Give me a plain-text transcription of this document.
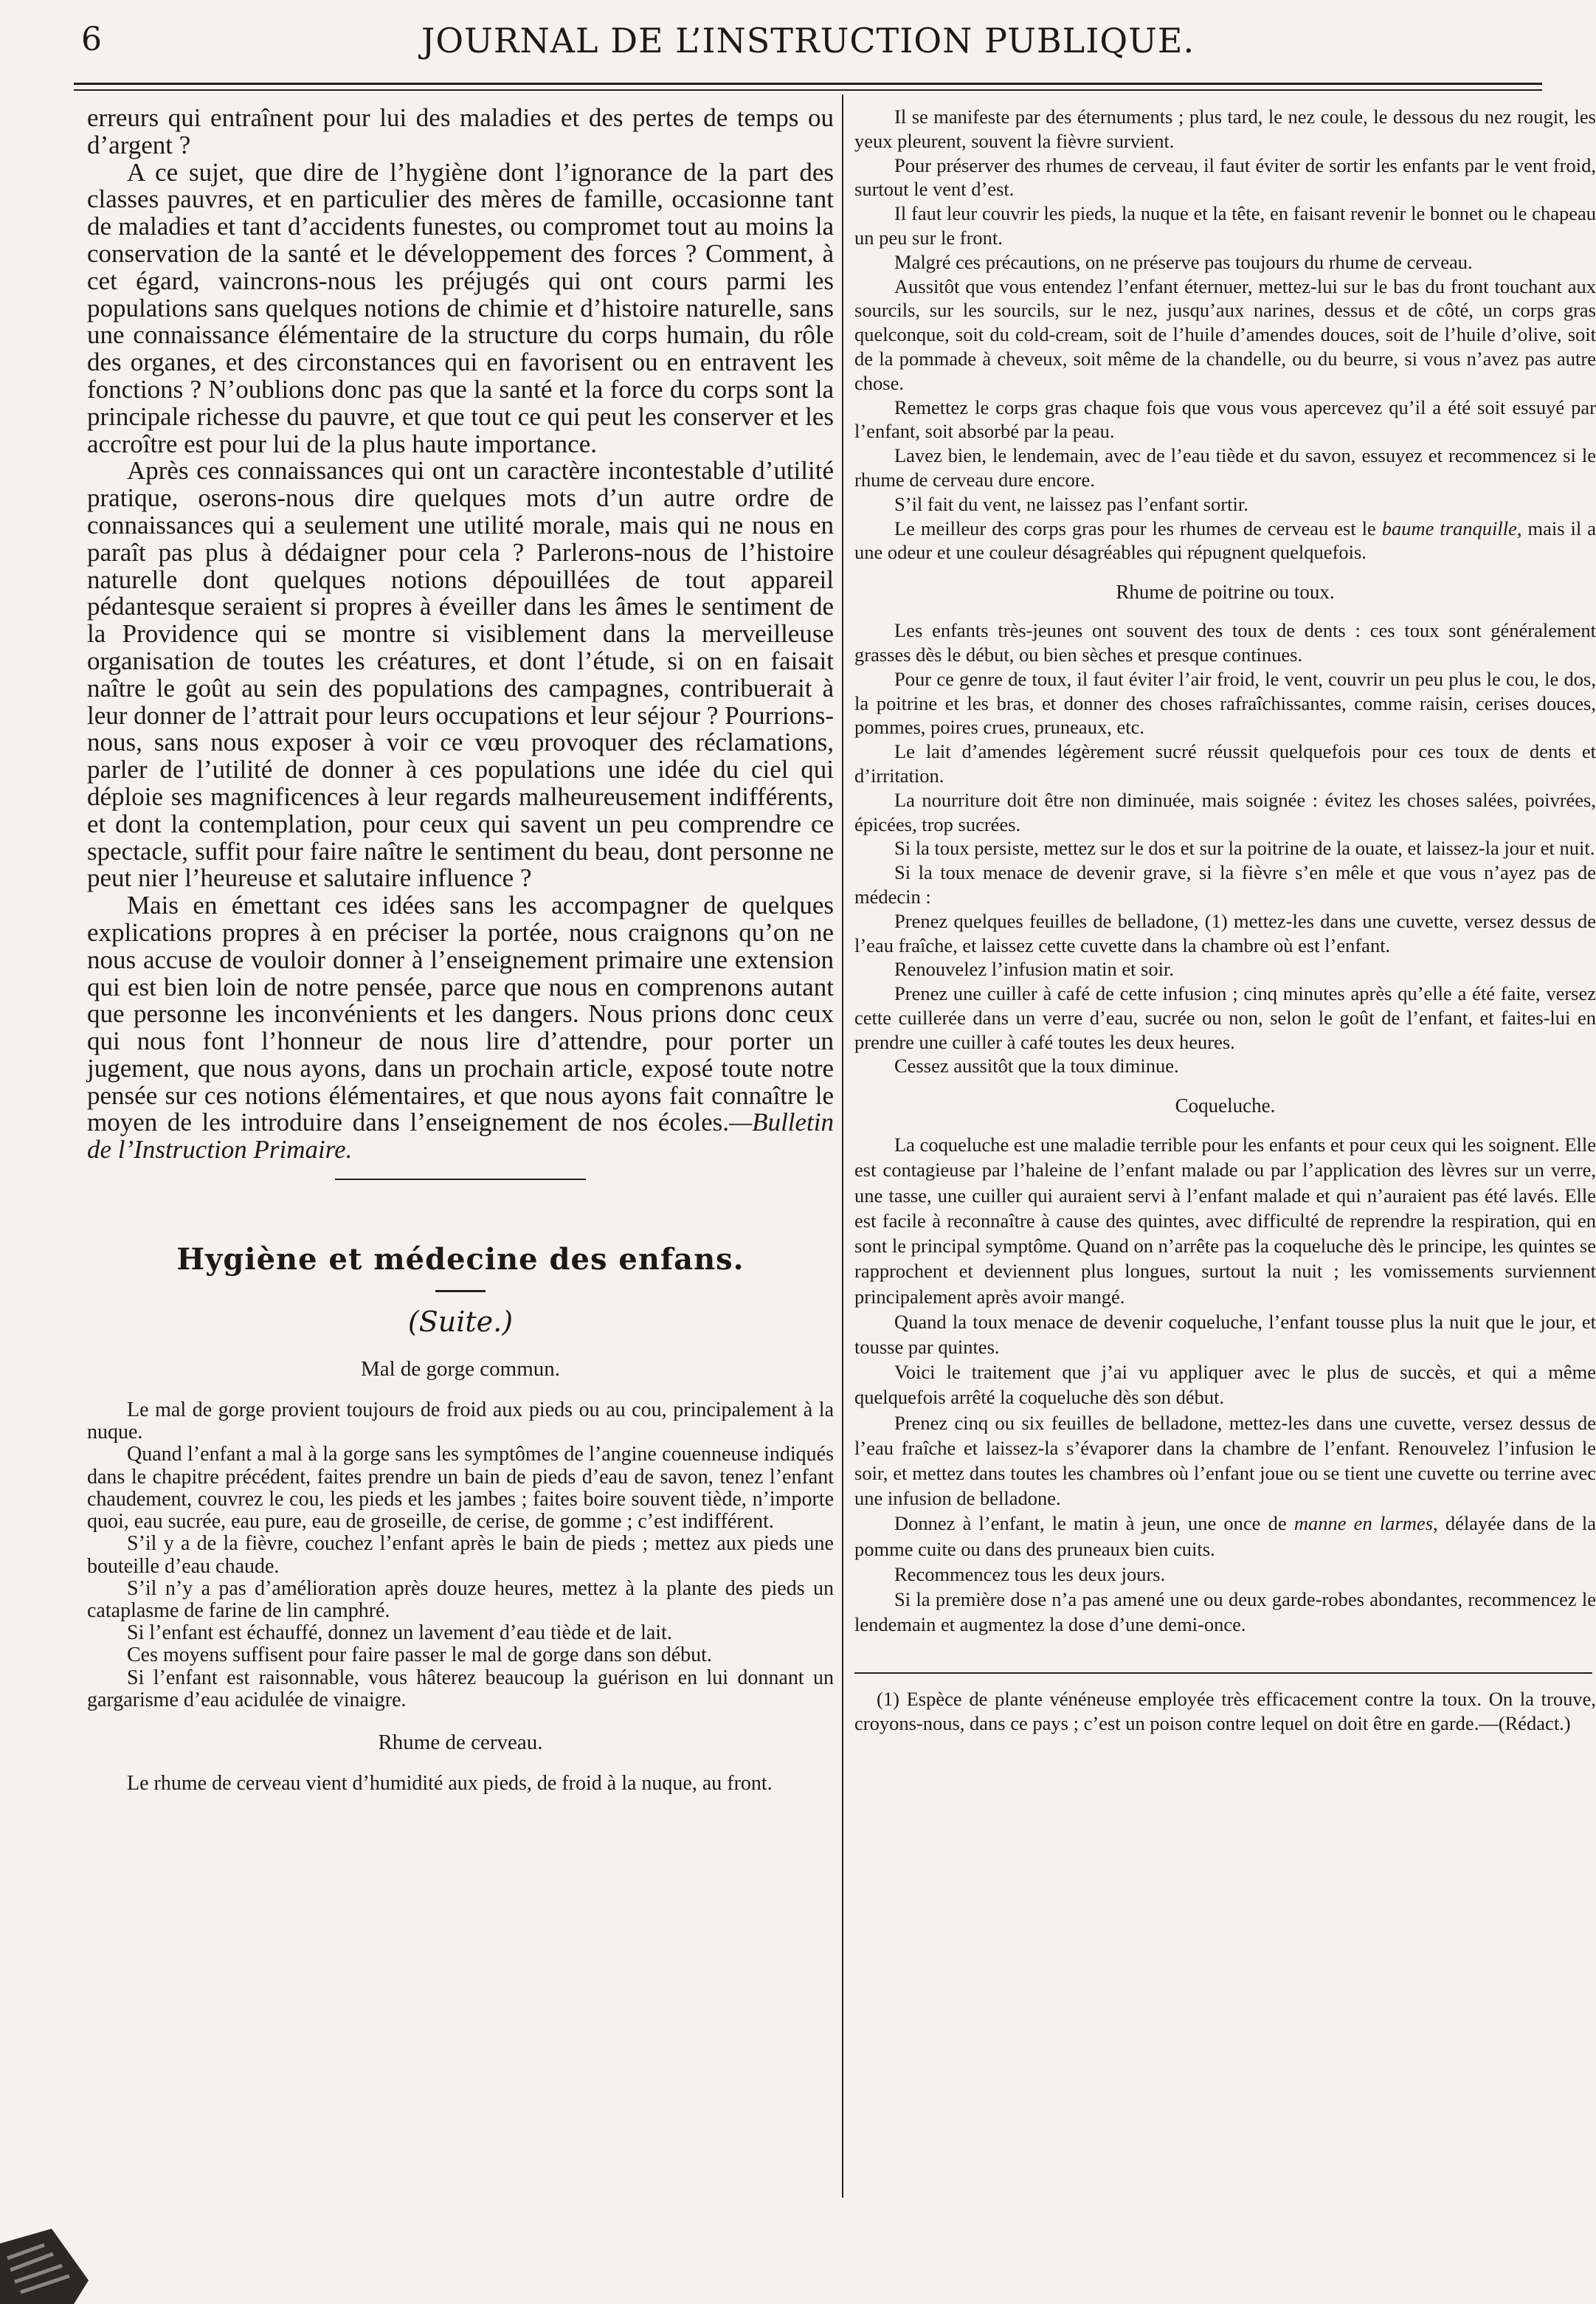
6	JOURNAL DE L’INSTRUCTION PUBLIQUE.

erreurs qui entraînent pour lui des maladies et des pertes de temps ou d’argent ?

A ce sujet, que dire de l’hygiène dont l’ignorance de la part des classes pauvres, et en particulier des mères de famille, occasionne tant de maladies et tant d’accidents funestes, ou compromet tout au moins la conservation de la santé et le développement des forces ? Comment, à cet égard, vaincrons-nous les préjugés qui ont cours parmi les populations sans quelques notions de chimie et d’histoire naturelle, sans une connaissance élémentaire de la structure du corps humain, du rôle des organes, et des circonstances qui en favorisent ou en entravent les fonctions ? N’oublions donc pas que la santé et la force du corps sont la principale richesse du pauvre, et que tout ce qui peut les conserver et les accroître est pour lui de la plus haute importance.

Après ces connaissances qui ont un caractère incontestable d’utilité pratique, oserons-nous dire quelques mots d’un autre ordre de connaissances qui a seulement une utilité morale, mais qui ne nous en paraît pas plus à dédaigner pour cela ? Parlerons-nous de l’histoire naturelle dont quelques notions dépouillées de tout appareil pédantesque seraient si propres à éveiller dans les âmes le sentiment de la Providence qui se montre si visiblement dans la merveilleuse organisation de toutes les créatures, et dont l’étude, si on en faisait naître le goût au sein des populations des campagnes, contribuerait à leur donner de l’attrait pour leurs occupations et leur séjour ? Pourrions-nous, sans nous exposer à voir ce vœu provoquer des réclamations, parler de l’utilité de donner à ces populations une idée du ciel qui déploie ses magnificences à leur regards malheureusement indifférents, et dont la contemplation, pour ceux qui savent un peu comprendre ce spectacle, suffit pour faire naître le sentiment du beau, dont personne ne peut nier l’heureuse et salutaire influence ?

Mais en émettant ces idées sans les accompagner de quelques explications propres à en préciser la portée, nous craignons qu’on ne nous accuse de vouloir donner à l’enseignement primaire une extension qui est bien loin de notre pensée, parce que nous en comprenons autant que personne les inconvénients et les dangers. Nous prions donc ceux qui nous font l’honneur de nous lire d’attendre, pour porter un jugement, que nous ayons, dans un prochain article, exposé toute notre pensée sur ces notions élémentaires, et que nous ayons fait connaître le moyen de les introduire dans l’enseignement de nos écoles.—Bulletin de l’Instruction Primaire.

Hygiène et médecine des enfans.
(Suite.)
Mal de gorge commun.

Le mal de gorge provient toujours de froid aux pieds ou au cou, principalement à la nuque.

Quand l’enfant a mal à la gorge sans les symptômes de l’angine couenneuse indiqués dans le chapitre précédent, faites prendre un bain de pieds d’eau de savon, tenez l’enfant chaudement, couvrez le cou, les pieds et les jambes ; faites boire souvent tiède, n’importe quoi, eau sucrée, eau pure, eau de groseille, de cerise, de gomme ; c’est indifférent.

S’il y a de la fièvre, couchez l’enfant après le bain de pieds ; mettez aux pieds une bouteille d’eau chaude.

S’il n’y a pas d’amélioration après douze heures, mettez à la plante des pieds un cataplasme de farine de lin camphré.

Si l’enfant est échauffé, donnez un lavement d’eau tiède et de lait.

Ces moyens suffisent pour faire passer le mal de gorge dans son début.

Si l’enfant est raisonnable, vous hâterez beaucoup la guérison en lui donnant un gargarisme d’eau acidulée de vinaigre.

Rhume de cerveau.

Le rhume de cerveau vient d’humidité aux pieds, de froid à la nuque, au front.

Il se manifeste par des éternuments ; plus tard, le nez coule, le dessous du nez rougit, les yeux pleurent, souvent la fièvre survient.

Pour préserver des rhumes de cerveau, il faut éviter de sortir les enfants par le vent froid, surtout le vent d’est.

Il faut leur couvrir les pieds, la nuque et la tête, en faisant revenir le bonnet ou le chapeau un peu sur le front.

Malgré ces précautions, on ne préserve pas toujours du rhume de cerveau.

Aussitôt que vous entendez l’enfant éternuer, mettez-lui sur le bas du front touchant aux sourcils, sur les sourcils, sur le nez, jusqu’aux narines, dessus et de côté, un corps gras quelconque, soit du cold-cream, soit de l’huile d’amendes douces, soit de l’huile d’olive, soit de la pommade à cheveux, soit même de la chandelle, ou du beurre, si vous n’avez pas autre chose.

Remettez le corps gras chaque fois que vous vous apercevez qu’il a été soit essuyé par l’enfant, soit absorbé par la peau.

Lavez bien, le lendemain, avec de l’eau tiède et du savon, essuyez et recommencez si le rhume de cerveau dure encore.

S’il fait du vent, ne laissez pas l’enfant sortir.

Le meilleur des corps gras pour les rhumes de cerveau est le baume tranquille, mais il a une odeur et une couleur désagréables qui répugnent quelquefois.

Rhume de poitrine ou toux.

Les enfants très-jeunes ont souvent des toux de dents : ces toux sont généralement grasses dès le début, ou bien sèches et presque continues.

Pour ce genre de toux, il faut éviter l’air froid, le vent, couvrir un peu plus le cou, le dos, la poitrine et les bras, et donner des choses rafraîchissantes, comme raisin, cerises douces, pommes, poires crues, pruneaux, etc.

Le lait d’amendes légèrement sucré réussit quelquefois pour ces toux de dents et d’irritation.

La nourriture doit être non diminuée, mais soignée : évitez les choses salées, poivrées, épicées, trop sucrées.

Si la toux persiste, mettez sur le dos et sur la poitrine de la ouate, et laissez-la jour et nuit.

Si la toux menace de devenir grave, si la fièvre s’en mêle et que vous n’ayez pas de médecin :

Prenez quelques feuilles de belladone, (1) mettez-les dans une cuvette, versez dessus de l’eau fraîche, et laissez cette cuvette dans la chambre où est l’enfant.

Renouvelez l’infusion matin et soir.

Prenez une cuiller à café de cette infusion ; cinq minutes après qu’elle a été faite, versez cette cuillerée dans un verre d’eau, sucrée ou non, selon le goût de l’enfant, et faites-lui en prendre une cuiller à café toutes les deux heures.

Cessez aussitôt que la toux diminue.

Coqueluche.

La coqueluche est une maladie terrible pour les enfants et pour ceux qui les soignent. Elle est contagieuse par l’haleine de l’enfant malade ou par l’application des lèvres sur un verre, une tasse, une cuiller qui auraient servi à l’enfant malade et qui n’auraient pas été lavés. Elle est facile à reconnaître à cause des quintes, avec difficulté de reprendre la respiration, qui en sont le principal symptôme. Quand on n’arrête pas la coqueluche dès le principe, les quintes se rapprochent et deviennent plus longues, surtout la nuit ; les vomissements surviennent principalement après avoir mangé.

Quand la toux menace de devenir coqueluche, l’enfant tousse plus la nuit que le jour, et tousse par quintes.

Voici le traitement que j’ai vu appliquer avec le plus de succès, et qui a même quelquefois arrêté la coqueluche dès son début.

Prenez cinq ou six feuilles de belladone, mettez-les dans une cuvette, versez dessus de l’eau fraîche et laissez-la s’évaporer dans la chambre de l’enfant. Renouvelez l’infusion le soir, et mettez dans toutes les chambres où l’enfant joue ou se tient une cuvette ou terrine avec une infusion de belladone.

Donnez à l’enfant, le matin à jeun, une once de manne en larmes, délayée dans de la pomme cuite ou dans des pruneaux bien cuits.

Recommencez tous les deux jours.

Si la première dose n’a pas amené une ou deux garde-robes abondantes, recommencez le lendemain et augmentez la dose d’une demi-once.

(1) Espèce de plante vénéneuse employée très efficacement contre la toux. On la trouve, croyons-nous, dans ce pays ; c’est un poison contre lequel on doit être en garde.—(Rédact.)
